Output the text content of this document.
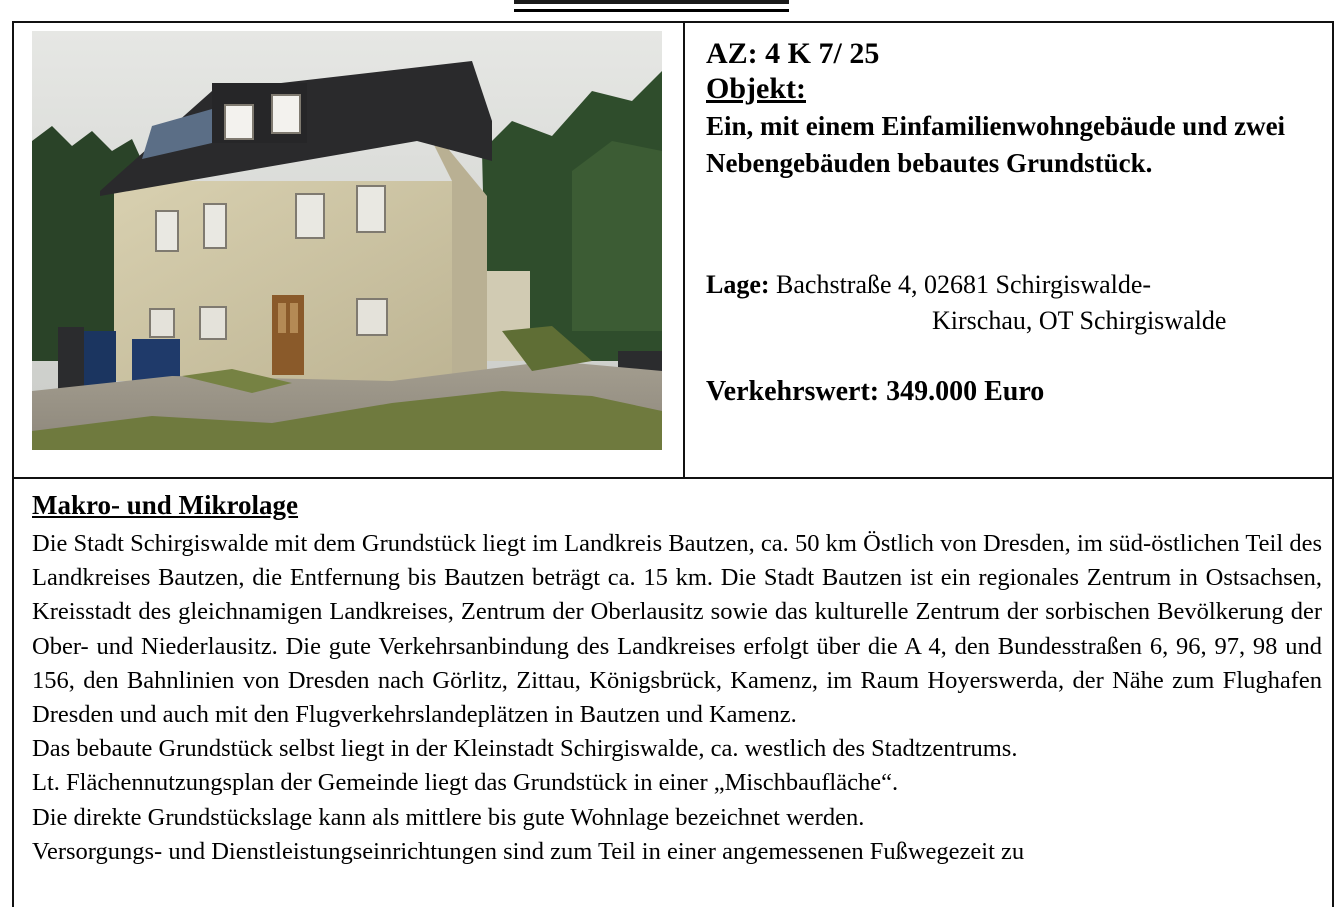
AZ: 4 K 7/ 25
Objekt:
Ein, mit einem Einfamilienwohngebäude und zwei Nebengebäuden bebautes Grundstück.
Lage: Bachstraße 4, 02681 Schirgiswalde-
Kirschau, OT Schirgiswalde
Verkehrswert: 349.000 Euro
Makro- und Mikrolage

Die Stadt Schirgiswalde mit dem Grundstück liegt im Landkreis Bautzen, ca. 50 km Östlich von Dresden, im süd-östlichen Teil des Landkreises Bautzen, die Entfernung bis Bautzen beträgt ca. 15 km. Die Stadt Bautzen ist ein regionales Zentrum in Ostsachsen, Kreisstadt des gleichnamigen Landkreises, Zentrum der Oberlausitz sowie das kulturelle Zentrum der sorbischen Bevölkerung der Ober- und Niederlausitz. Die gute Verkehrsanbindung des Landkreises erfolgt über die A 4, den Bundesstraßen 6, 96, 97, 98 und 156, den Bahnlinien von Dresden nach Görlitz, Zittau, Königsbrück, Kamenz, im Raum Hoyerswerda, der Nähe zum Flughafen Dresden und auch mit den Flugverkehrslandeplätzen in Bautzen und Kamenz.

Das bebaute Grundstück selbst liegt in der Kleinstadt Schirgiswalde, ca. westlich des Stadtzentrums.

Lt. Flächennutzungsplan der Gemeinde liegt das Grundstück in einer „Mischbaufläche“.

Die direkte Grundstückslage kann als mittlere bis gute Wohnlage bezeichnet werden.

Versorgungs- und Dienstleistungseinrichtungen sind zum Teil in einer angemessenen Fußwegezeit zu
